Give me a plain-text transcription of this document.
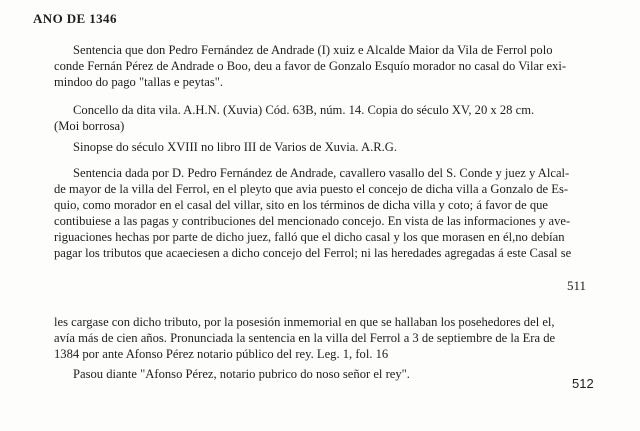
ANO DE 1346
Sentencia que don Pedro Fernández de Andrade (I) xuiz e Alcalde Maior da Vila de Ferrol polo
conde Fernán Pérez de Andrade o Boo, deu a favor de Gonzalo Esquío morador no casal do Vilar exi-
mindoo do pago "tallas e peytas".
Concello da dita vila. A.H.N. (Xuvia) Cód. 63B, núm. 14. Copia do século XV, 20 x 28 cm.
(Moi borrosa)
Sinopse do século XVIII no libro III de Varios de Xuvia. A.R.G.
Sentencia dada por D. Pedro Fernández de Andrade, cavallero vasallo del S. Conde y juez y Alcal-
de mayor de la villa del Ferrol, en el pleyto que avia puesto el concejo de dicha villa a Gonzalo de Es-
quio, como morador en el casal del villar, sito en los términos de dicha villa y coto; á favor de que
contibuiese a las pagas y contribuciones del mencionado concejo. En vista de las informaciones y ave-
riguaciones hechas por parte de dicho juez, falló que el dicho casal y los que morasen en él,no debían
pagar los tributos que acaeciesen a dicho concejo del Ferrol; ni las heredades agregadas á este Casal se
511
les cargase con dicho tributo, por la posesión inmemorial en que se hallaban los posehedores del el,
avía más de cien años. Pronunciada la sentencia en la villa del Ferrol a 3 de septiembre de la Era de
1384 por ante Afonso Pérez notario público del rey. Leg. 1, fol. 16
Pasou diante "Afonso Pérez, notario pubrico do noso señor el rey".
512
